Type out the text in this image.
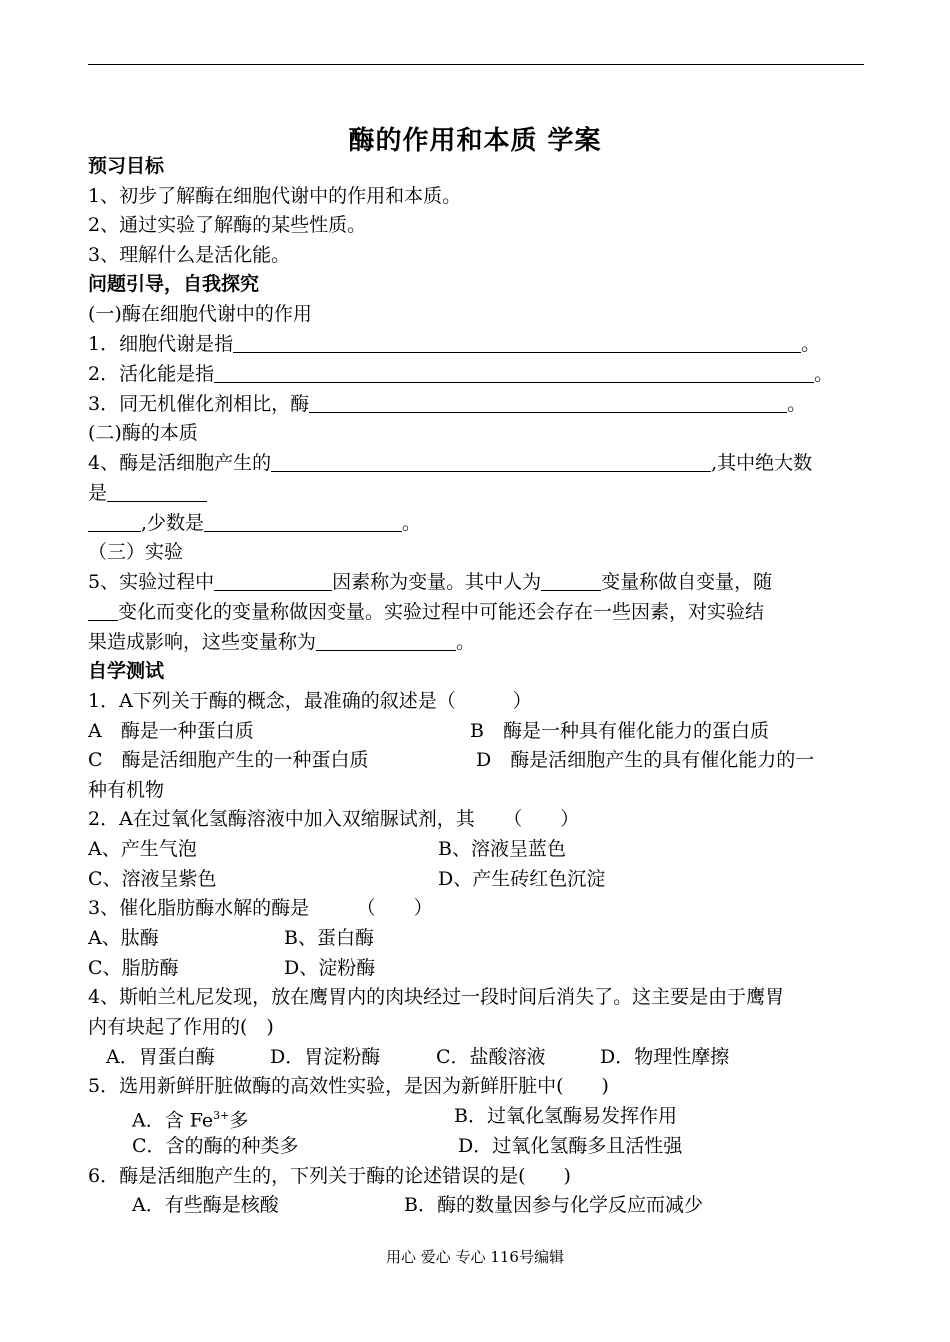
酶的作用和本质 学案
预习目标
1、初步了解酶在细胞代谢中的作用和本质。
2、通过实验了解酶的某些性质。
3、理解什么是活化能。
问题引导，自我探究
(一)酶在细胞代谢中的作用
1．细胞代谢是指	。
2．活化能是指	。
3．同无机催化剂相比，酶	。
(二)酶的本质
4、酶是活细胞产生的	,其中绝大数
是
,少数是	。
（三）实验
5、实验过程中	因素称为变量。其中人为	变量称做自变量，随
变化而变化的变量称做因变量。实验过程中可能还会存在一些因素，对实验结
果造成影响，这些变量称为	。
自学测试
1．A下列关于酶的概念，最准确的叙述是（　　　）
A　酶是一种蛋白质	B　酶是一种具有催化能力的蛋白质
C　酶是活细胞产生的一种蛋白质	D　酶是活细胞产生的具有催化能力的一
种有机物
2．A在过氧化氢酶溶液中加入双缩脲试剂，其　　（　　）
A、产生气泡	B、溶液呈蓝色
C、溶液呈紫色	D、产生砖红色沉淀
3、催化脂肪酶水解的酶是　　　（　　）
A、肽酶	B、蛋白酶
C、脂肪酶	D、淀粉酶
4、斯帕兰札尼发现，放在鹰胃内的肉块经过一段时间后消失了。这主要是由于鹰胃
内有块起了作用的(　)
A．胃蛋白酶	D．胃淀粉酶	C．盐酸溶液	D．物理性摩擦
5．选用新鲜肝脏做酶的高效性实验，是因为新鲜肝脏中(　　)
A．含 $Fe^{3+}$多	B．过氧化氢酶易发挥作用
C．含的酶的种类多	D．过氧化氢酶多且活性强
6．酶是活细胞产生的，下列关于酶的论述错误的是(　　)
A．有些酶是核酸	B．酶的数量因参与化学反应而减少
用心 爱心 专心 116号编辑
